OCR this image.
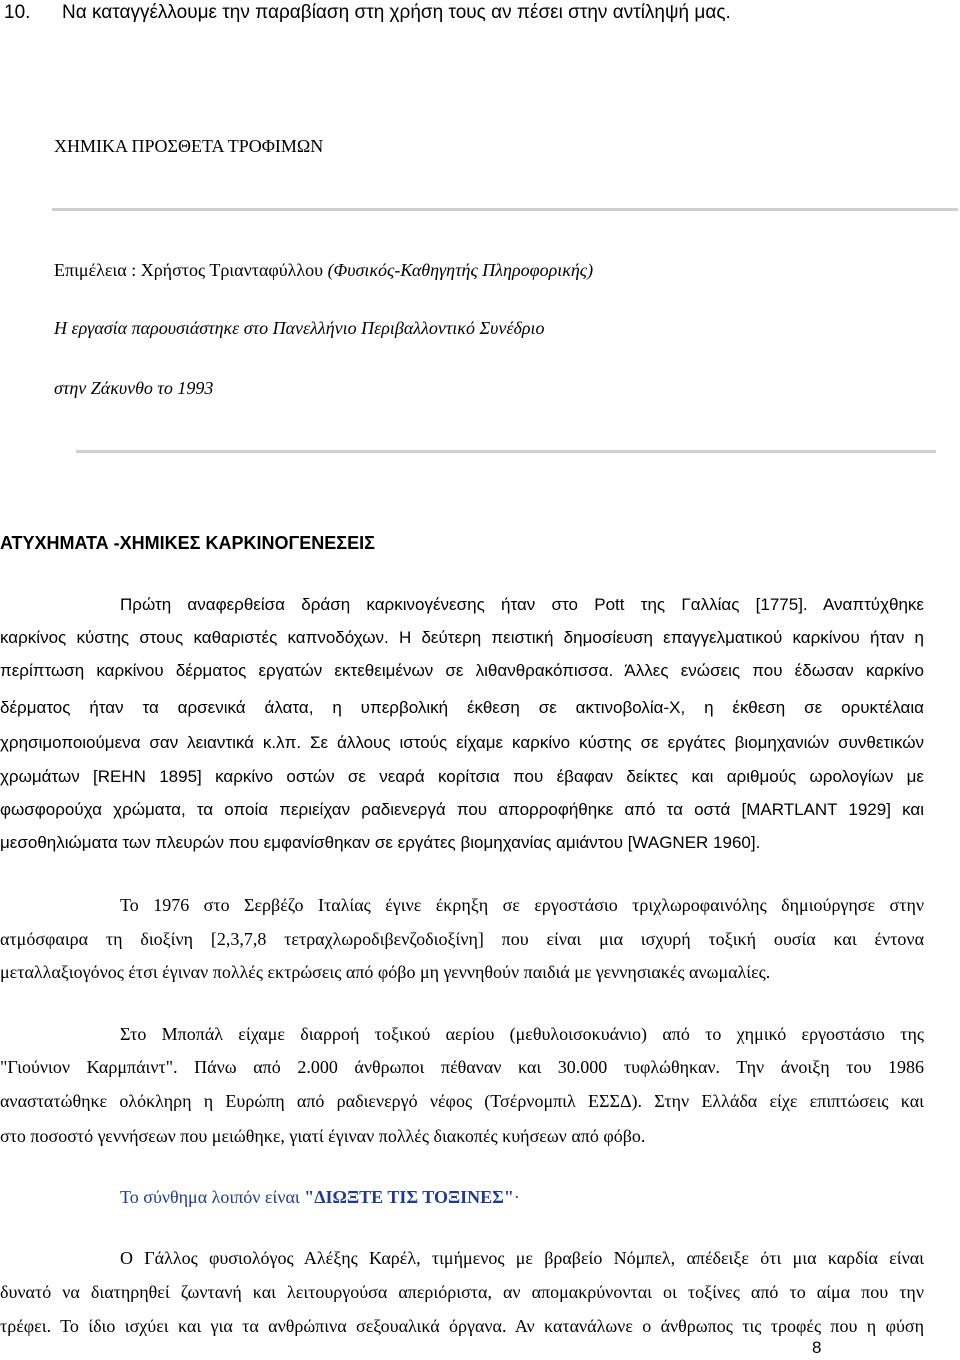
10. Να καταγγέλλουμε την παραβίαση στη χρήση τους αν πέσει στην αντίληψή μας.
ΧΗΜΙΚΑ ΠΡΟΣΘΕΤΑ ΤΡΟΦΙΜΩΝ
Επιμέλεια : Χρήστος Τριανταφύλλου (Φυσικός-Καθηγητής Πληροφορικής)
Η εργασία παρουσιάστηκε στο Πανελλήνιο Περιβαλλοντικό Συνέδριο
στην Ζάκυνθο το 1993
ΑΤΥΧΗΜΑΤΑ -ΧΗΜΙΚΕΣ ΚΑΡΚΙΝΟΓΕΝΕΣΕΙΣ
Πρώτη αναφερθείσα δράση καρκινογένεσης ήταν στο Pott της Γαλλίας [1775]. Αναπτύχθηκε
καρκίνος κύστης στους καθαριστές καπνοδόχων. Η δεύτερη πειστική δημοσίευση επαγγελματικού καρκίνου ήταν η
περίπτωση καρκίνου δέρματος εργατών εκτεθειμένων σε λιθανθρακόπισσα. Άλλες ενώσεις που έδωσαν καρκίνο
δέρματος ήταν τα αρσενικά άλατα, η υπερβολική έκθεση σε ακτινοβολία-Χ, η έκθεση σε ορυκτέλαια
χρησιμοποιούμενα σαν λειαντικά κ.λπ. Σε άλλους ιστούς είχαμε καρκίνο κύστης σε εργάτες βιομηχανιών συνθετικών
χρωμάτων [REHN 1895] καρκίνο οστών σε νεαρά κορίτσια που έβαφαν δείκτες και αριθμούς ωρολογίων με
φωσφορούχα χρώματα, τα οποία περιείχαν ραδιενεργά που απορροφήθηκε από τα οστά [MARTLANT 1929] και
μεσοθηλιώματα των πλευρών που εμφανίσθηκαν σε εργάτες βιομηχανίας αμιάντου [WAGNER 1960].
Το 1976 στο Σερβέζο Ιταλίας έγινε έκρηξη σε εργοστάσιο τριχλωροφαινόλης δημιούργησε στην
ατμόσφαιρα τη διοξίνη [2,3,7,8 τετραχλωροδιβενζοδιοξίνη] που είναι μια ισχυρή τοξική ουσία και έντονα
μεταλλαξιογόνος έτσι έγιναν πολλές εκτρώσεις από φόβο μη γεννηθούν παιδιά με γεννησιακές ανωμαλίες.
Στο Μποπάλ είχαμε διαρροή τοξικού αερίου (μεθυλοισοκυάνιο) από το χημικό εργοστάσιο της
"Γιούνιον Καρμπάιντ". Πάνω από 2.000 άνθρωποι πέθαναν και 30.000 τυφλώθηκαν. Την άνοιξη του 1986
αναστατώθηκε ολόκληρη η Ευρώπη από ραδιενεργό νέφος (Τσέρνομπιλ ΕΣΣΔ). Στην Ελλάδα είχε επιπτώσεις και
στο ποσοστό γεννήσεων που μειώθηκε, γιατί έγιναν πολλές διακοπές κυήσεων από φόβο.
Το σύνθημα λοιπόν είναι "ΔΙΩΞΤΕ ΤΙΣ ΤΟΞΙΝΕΣ"·
Ο Γάλλος φυσιολόγος Αλέξης Καρέλ, τιμήμενος με βραβείο Νόμπελ, απέδειξε ότι μια καρδία είναι
δυνατό να διατηρηθεί ζωντανή και λειτουργούσα απεριόριστα, αν απομακρύνονται οι τοξίνες από το αίμα που την
τρέφει. Το ίδιο ισχύει και για τα ανθρώπινα σεξουαλικά όργανα. Αν κατανάλωνε ο άνθρωπος τις τροφές που η φύση
8
